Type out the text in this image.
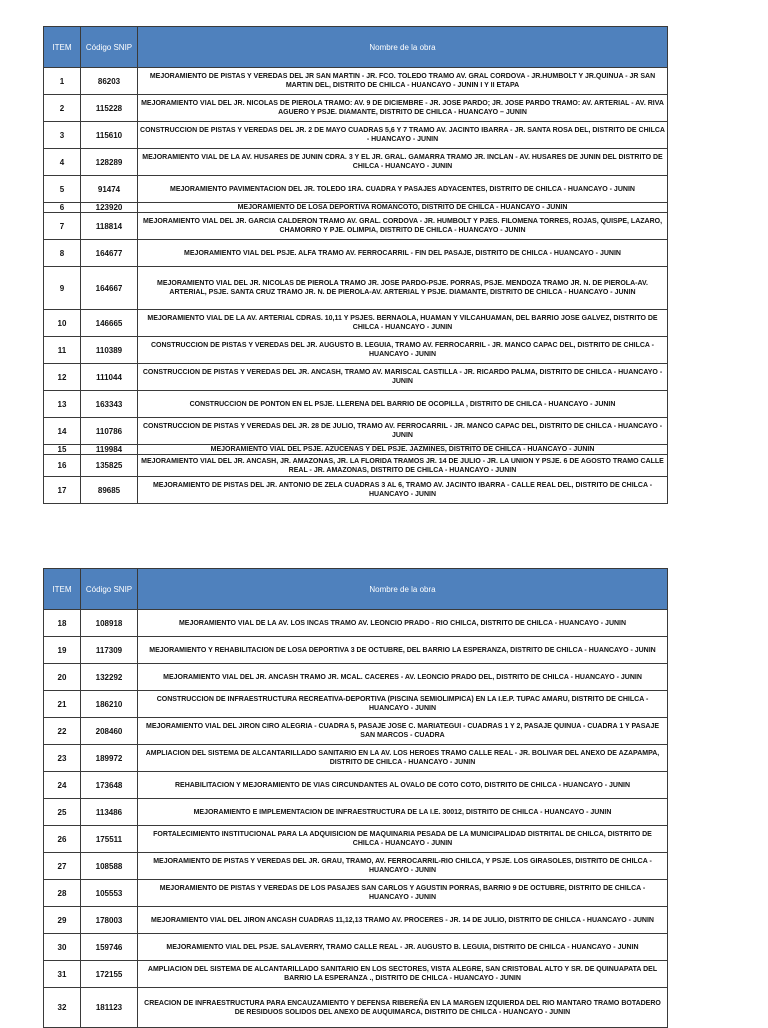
ITEM	Código SNIP	Nombre de la obra
1	86203	MEJORAMIENTO DE PISTAS Y VEREDAS DEL JR SAN MARTIN - JR. FCO. TOLEDO TRAMO AV. GRAL CORDOVA - JR.HUMBOLT Y JR.QUINUA - JR SAN MARTIN DEL, DISTRITO DE CHILCA - HUANCAYO - JUNIN I Y II ETAPA
2	115228	MEJORAMIENTO VIAL DEL JR. NICOLAS DE PIEROLA TRAMO: AV. 9 DE DICIEMBRE - JR. JOSE PARDO; JR. JOSE PARDO TRAMO: AV. ARTERIAL - AV. RIVA AGUERO Y PSJE. DIAMANTE, DISTRITO DE CHILCA - HUANCAYO – JUNIN
3	115610	CONSTRUCCION DE PISTAS Y VEREDAS DEL JR. 2 DE MAYO CUADRAS 5,6 Y 7 TRAMO AV. JACINTO IBARRA - JR. SANTA ROSA DEL, DISTRITO DE CHILCA - HUANCAYO - JUNIN
4	128289	MEJORAMIENTO VIAL DE LA AV. HUSARES DE JUNIN CDRA. 3 Y EL JR. GRAL. GAMARRA TRAMO JR. INCLAN - AV. HUSARES DE JUNIN DEL DISTRITO DE CHILCA - HUANCAYO - JUNIN
5	91474	MEJORAMIENTO PAVIMENTACION DEL JR. TOLEDO 1RA. CUADRA Y PASAJES ADYACENTES, DISTRITO DE CHILCA - HUANCAYO - JUNIN
6	123920	MEJORAMIENTO DE LOSA DEPORTIVA ROMANCOTO, DISTRITO DE CHILCA - HUANCAYO - JUNIN
7	118814	MEJORAMIENTO VIAL DEL JR. GARCIA CALDERON TRAMO AV. GRAL. CORDOVA - JR. HUMBOLT Y PJES. FILOMENA TORRES, ROJAS, QUISPE, LAZARO, CHAMORRO Y PJE. OLIMPIA, DISTRITO DE CHILCA - HUANCAYO - JUNIN
8	164677	MEJORAMIENTO VIAL DEL PSJE. ALFA TRAMO AV. FERROCARRIL - FIN DEL PASAJE, DISTRITO DE CHILCA - HUANCAYO - JUNIN
9	164667	MEJORAMIENTO VIAL DEL JR. NICOLAS DE PIEROLA TRAMO JR. JOSE PARDO-PSJE. PORRAS, PSJE. MENDOZA TRAMO JR. N. DE PIEROLA-AV. ARTERIAL, PSJE. SANTA CRUZ TRAMO JR. N. DE PIEROLA-AV. ARTERIAL Y PSJE. DIAMANTE, DISTRITO DE CHILCA - HUANCAYO - JUNIN
10	146665	MEJORAMIENTO VIAL DE LA AV. ARTERIAL CDRAS. 10,11 Y PSJES. BERNAOLA, HUAMAN Y VILCAHUAMAN, DEL BARRIO JOSE GALVEZ, DISTRITO DE CHILCA - HUANCAYO - JUNIN
11	110389	CONSTRUCCION DE PISTAS Y VEREDAS DEL JR. AUGUSTO B. LEGUIA, TRAMO AV. FERROCARRIL - JR. MANCO CAPAC DEL, DISTRITO DE CHILCA - HUANCAYO - JUNIN
12	111044	CONSTRUCCION DE PISTAS Y VEREDAS DEL JR. ANCASH, TRAMO AV. MARISCAL CASTILLA - JR. RICARDO PALMA, DISTRITO DE CHILCA - HUANCAYO - JUNIN
13	163343	CONSTRUCCION DE PONTON EN EL PSJE. LLERENA DEL BARRIO DE OCOPILLA , DISTRITO DE CHILCA - HUANCAYO - JUNIN
14	110786	CONSTRUCCION DE PISTAS Y VEREDAS DEL JR. 28 DE JULIO, TRAMO AV. FERROCARRIL - JR. MANCO CAPAC DEL, DISTRITO DE CHILCA - HUANCAYO - JUNIN
15	119984	MEJORAMIENTO VIAL DEL PSJE. AZUCENAS Y DEL PSJE. JAZMINES, DISTRITO DE CHILCA - HUANCAYO - JUNIN
16	135825	MEJORAMIENTO VIAL DEL JR. ANCASH, JR. AMAZONAS, JR. LA FLORIDA TRAMOS JR. 14 DE JULIO - JR. LA UNION Y PSJE. 6 DE AGOSTO TRAMO CALLE REAL - JR. AMAZONAS, DISTRITO DE CHILCA - HUANCAYO - JUNIN
17	89685	MEJORAMIENTO DE PISTAS DEL JR. ANTONIO DE ZELA CUADRAS 3 AL 6, TRAMO AV. JACINTO IBARRA - CALLE REAL DEL, DISTRITO DE CHILCA - HUANCAYO - JUNIN
ITEM	Código SNIP	Nombre de la obra
18	108918	MEJORAMIENTO VIAL DE LA AV. LOS INCAS TRAMO AV. LEONCIO PRADO - RIO CHILCA, DISTRITO DE CHILCA - HUANCAYO - JUNIN
19	117309	MEJORAMIENTO Y REHABILITACION DE LOSA DEPORTIVA 3 DE OCTUBRE, DEL BARRIO LA ESPERANZA, DISTRITO DE CHILCA - HUANCAYO - JUNIN
20	132292	MEJORAMIENTO VIAL DEL JR. ANCASH TRAMO JR. MCAL. CACERES - AV. LEONCIO PRADO DEL, DISTRITO DE CHILCA - HUANCAYO - JUNIN
21	186210	CONSTRUCCION DE INFRAESTRUCTURA RECREATIVA-DEPORTIVA (PISCINA SEMIOLIMPICA) EN LA I.E.P. TUPAC AMARU, DISTRITO DE CHILCA - HUANCAYO - JUNIN
22	208460	MEJORAMIENTO VIAL DEL JIRON CIRO ALEGRIA - CUADRA 5, PASAJE JOSE C. MARIATEGUI - CUADRAS 1 Y 2, PASAJE QUINUA - CUADRA 1 Y PASAJE SAN MARCOS - CUADRA
23	189972	AMPLIACION DEL SISTEMA DE ALCANTARILLADO SANITARIO EN LA AV. LOS HEROES TRAMO CALLE REAL - JR. BOLIVAR DEL ANEXO DE AZAPAMPA, DISTRITO DE CHILCA - HUANCAYO - JUNIN
24	173648	REHABILITACION Y MEJORAMIENTO DE VIAS CIRCUNDANTES AL OVALO DE COTO COTO, DISTRITO DE CHILCA - HUANCAYO - JUNIN
25	113486	MEJORAMIENTO E IMPLEMENTACION DE INFRAESTRUCTURA DE LA I.E. 30012, DISTRITO DE CHILCA - HUANCAYO - JUNIN
26	175511	FORTALECIMIENTO INSTITUCIONAL PARA LA ADQUISICION DE MAQUINARIA PESADA DE LA MUNICIPALIDAD DISTRITAL DE CHILCA, DISTRITO DE CHILCA - HUANCAYO - JUNIN
27	108588	MEJORAMIENTO DE PISTAS Y VEREDAS DEL JR. GRAU, TRAMO, AV. FERROCARRIL-RIO CHILCA, Y PSJE. LOS GIRASOLES, DISTRITO DE CHILCA - HUANCAYO - JUNIN
28	105553	MEJORAMIENTO DE PISTAS Y VEREDAS DE LOS PASAJES SAN CARLOS Y AGUSTIN PORRAS, BARRIO 9 DE OCTUBRE, DISTRITO DE CHILCA - HUANCAYO - JUNIN
29	178003	MEJORAMIENTO VIAL DEL JIRON ANCASH CUADRAS 11,12,13 TRAMO AV. PROCERES - JR. 14 DE JULIO, DISTRITO DE CHILCA - HUANCAYO - JUNIN
30	159746	MEJORAMIENTO VIAL DEL PSJE. SALAVERRY, TRAMO CALLE REAL - JR. AUGUSTO B. LEGUIA, DISTRITO DE CHILCA - HUANCAYO - JUNIN
31	172155	AMPLIACION DEL SISTEMA DE ALCANTARILLADO SANITARIO EN LOS SECTORES, VISTA ALEGRE, SAN CRISTOBAL ALTO Y SR. DE QUINUAPATA DEL BARRIO LA ESPERANZA ., DISTRITO DE CHILCA - HUANCAYO - JUNIN
32	181123	CREACION DE INFRAESTRUCTURA PARA ENCAUZAMIENTO Y DEFENSA RIBEREÑA EN LA MARGEN IZQUIERDA DEL RIO MANTARO TRAMO BOTADERO DE RESIDUOS SOLIDOS DEL ANEXO DE AUQUIMARCA, DISTRITO DE CHILCA - HUANCAYO - JUNIN
